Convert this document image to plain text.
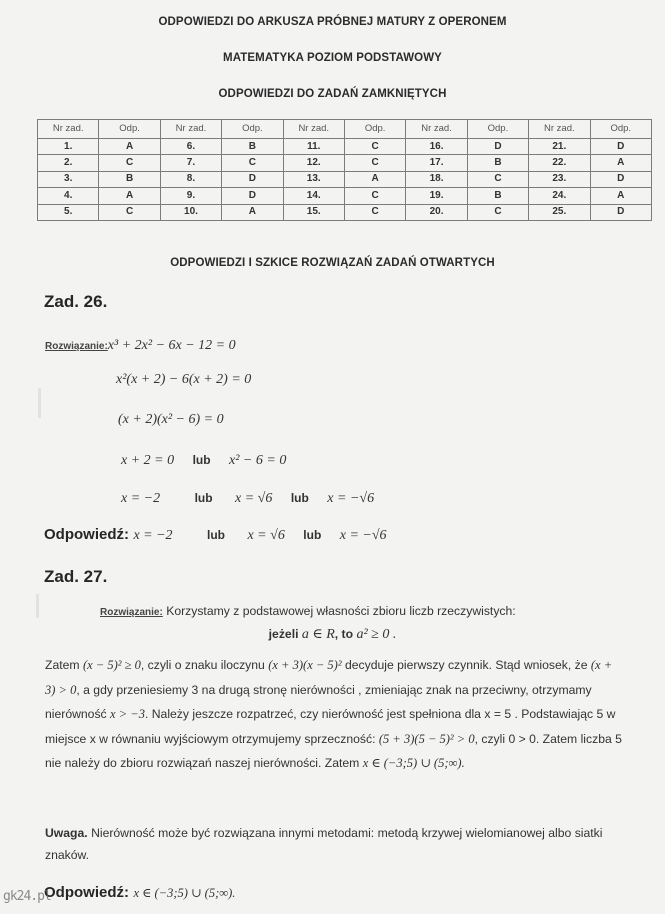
ODPOWIEDZI DO ARKUSZA PRÓBNEJ MATURY Z OPERONEM
MATEMATYKA POZIOM PODSTAWOWY
ODPOWIEDZI DO ZADAŃ ZAMKNIĘTYCH
Nr zad.	Odp.	Nr zad.	Odp.	Nr zad.	Odp.	Nr zad.	Odp.	Nr zad.	Odp.
1.	A	6.	B	11.	C	16.	D	21.	D
2.	C	7.	C	12.	C	17.	B	22.	A
3.	B	8.	D	13.	A	18.	C	23.	D
4.	A	9.	D	14.	C	19.	B	24.	A
5.	C	10.	A	15.	C	20.	C	25.	D
ODPOWIEDZI I SZKICE ROZWIĄZAŃ ZADAŃ OTWARTYCH
Zad. 26.
Rozwiązanie:x³ + 2x² − 6x − 12 = 0
x²(x + 2) − 6(x + 2) = 0
(x + 2)(x² − 6) = 0
x + 2 = 0 lub x² − 6 = 0
x = −2	lub x = √6 lub x = −√6
Odpowiedź: x = −2	lub x = √6 lub x = −√6
Zad. 27.
Rozwiązanie: Korzystamy z podstawowej własności zbioru liczb rzeczywistych:
jeżeli a ∈ R, to a² ≥ 0 .
Zatem (x − 5)² ≥ 0, czyli o znaku iloczynu (x + 3)(x − 5)² decyduje pierwszy czynnik. Stąd wniosek, że (x + 3) > 0, a gdy przeniesiemy 3 na drugą stronę nierówności , zmieniając znak na przeciwny, otrzymamy nierówność x > −3. Należy jeszcze rozpatrzeć, czy nierówność jest spełniona dla x = 5 . Podstawiając 5 w miejsce x w równaniu wyjściowym otrzymujemy sprzeczność: (5 + 3)(5 − 5)² > 0, czyli 0 > 0. Zatem liczba 5 nie należy do zbioru rozwiązań naszej nierówności. Zatem x ∈ (−3;5) ∪ (5;∞).
Uwaga. Nierówność może być rozwiązana innymi metodami: metodą krzywej wielomianowej albo siatki znaków.
Odpowiedź: x ∈ (−3;5) ∪ (5;∞).
gk24.pl
